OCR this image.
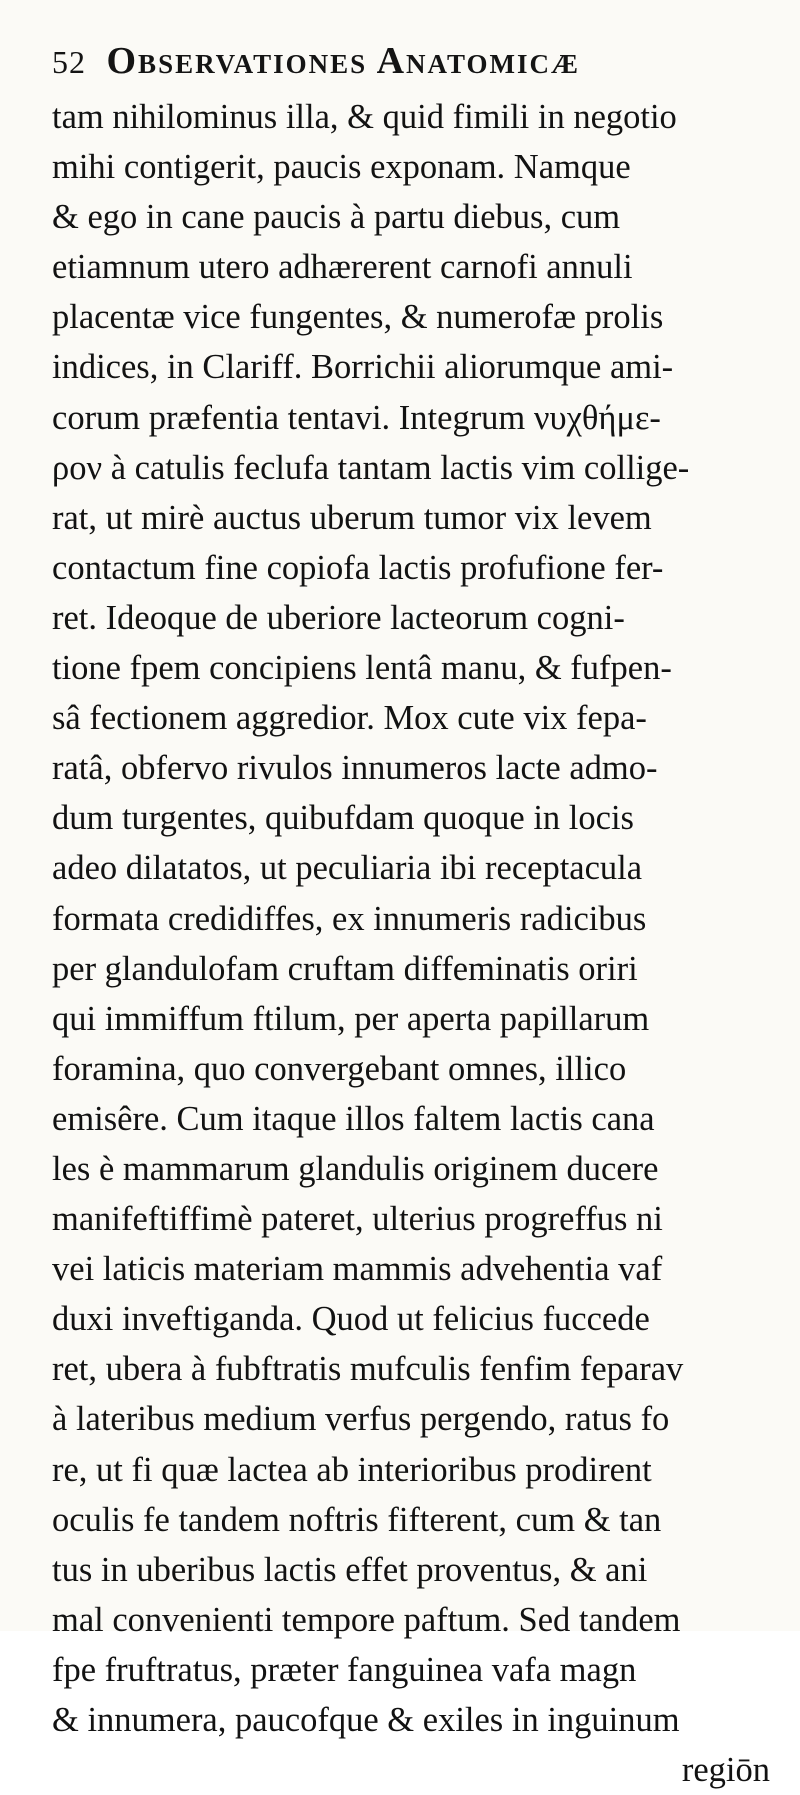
52 Observationes Anatomicæ
tam nihilominus illa, & quid fimili in negotio
mihi contigerit, paucis exponam. Namque
& ego in cane paucis à partu diebus, cum
etiamnum utero adhærerent carnofi annuli
placentæ vice fungentes, & numerofæ prolis
indices, in Clariff. Borrichii aliorumque ami-
corum præfentia tentavi. Integrum νυχθήμε-
ρον à catulis feclufa tantam lactis vim collige-
rat, ut mirè auctus uberum tumor vix levem
contactum fine copiofa lactis profufione fer-
ret. Ideoque de uberiore lacteorum cogni-
tione fpem concipiens lentâ manu, & fufpen-
sâ fectionem aggredior. Mox cute vix fepa-
ratâ, obfervo rivulos innumeros lacte admo-
dum turgentes, quibufdam quoque in locis
adeo dilatatos, ut peculiaria ibi receptacula
formata credidiffes, ex innumeris radicibus
per glandulofam cruftam diffeminatis oriri
qui immiffum ftilum, per aperta papillarum
foramina, quo convergebant omnes, illico
emisêre. Cum itaque illos faltem lactis cana
les è mammarum glandulis originem ducere
manifeftiffimè pateret, ulterius progreffus ni
vei laticis materiam mammis advehentia vaf
duxi inveftiganda. Quod ut felicius fuccede
ret, ubera à fubftratis mufculis fenfim feparav
à lateribus medium verfus pergendo, ratus fo
re, ut fi quæ lactea ab interioribus prodirent
oculis fe tandem noftris fifterent, cum & tan
tus in uberibus lactis effet proventus, & ani
mal convenienti tempore paftum. Sed tandem
fpe fruftratus, præter fanguinea vafa magn
& innumera, paucofque & exiles in inguinum
regiōn
